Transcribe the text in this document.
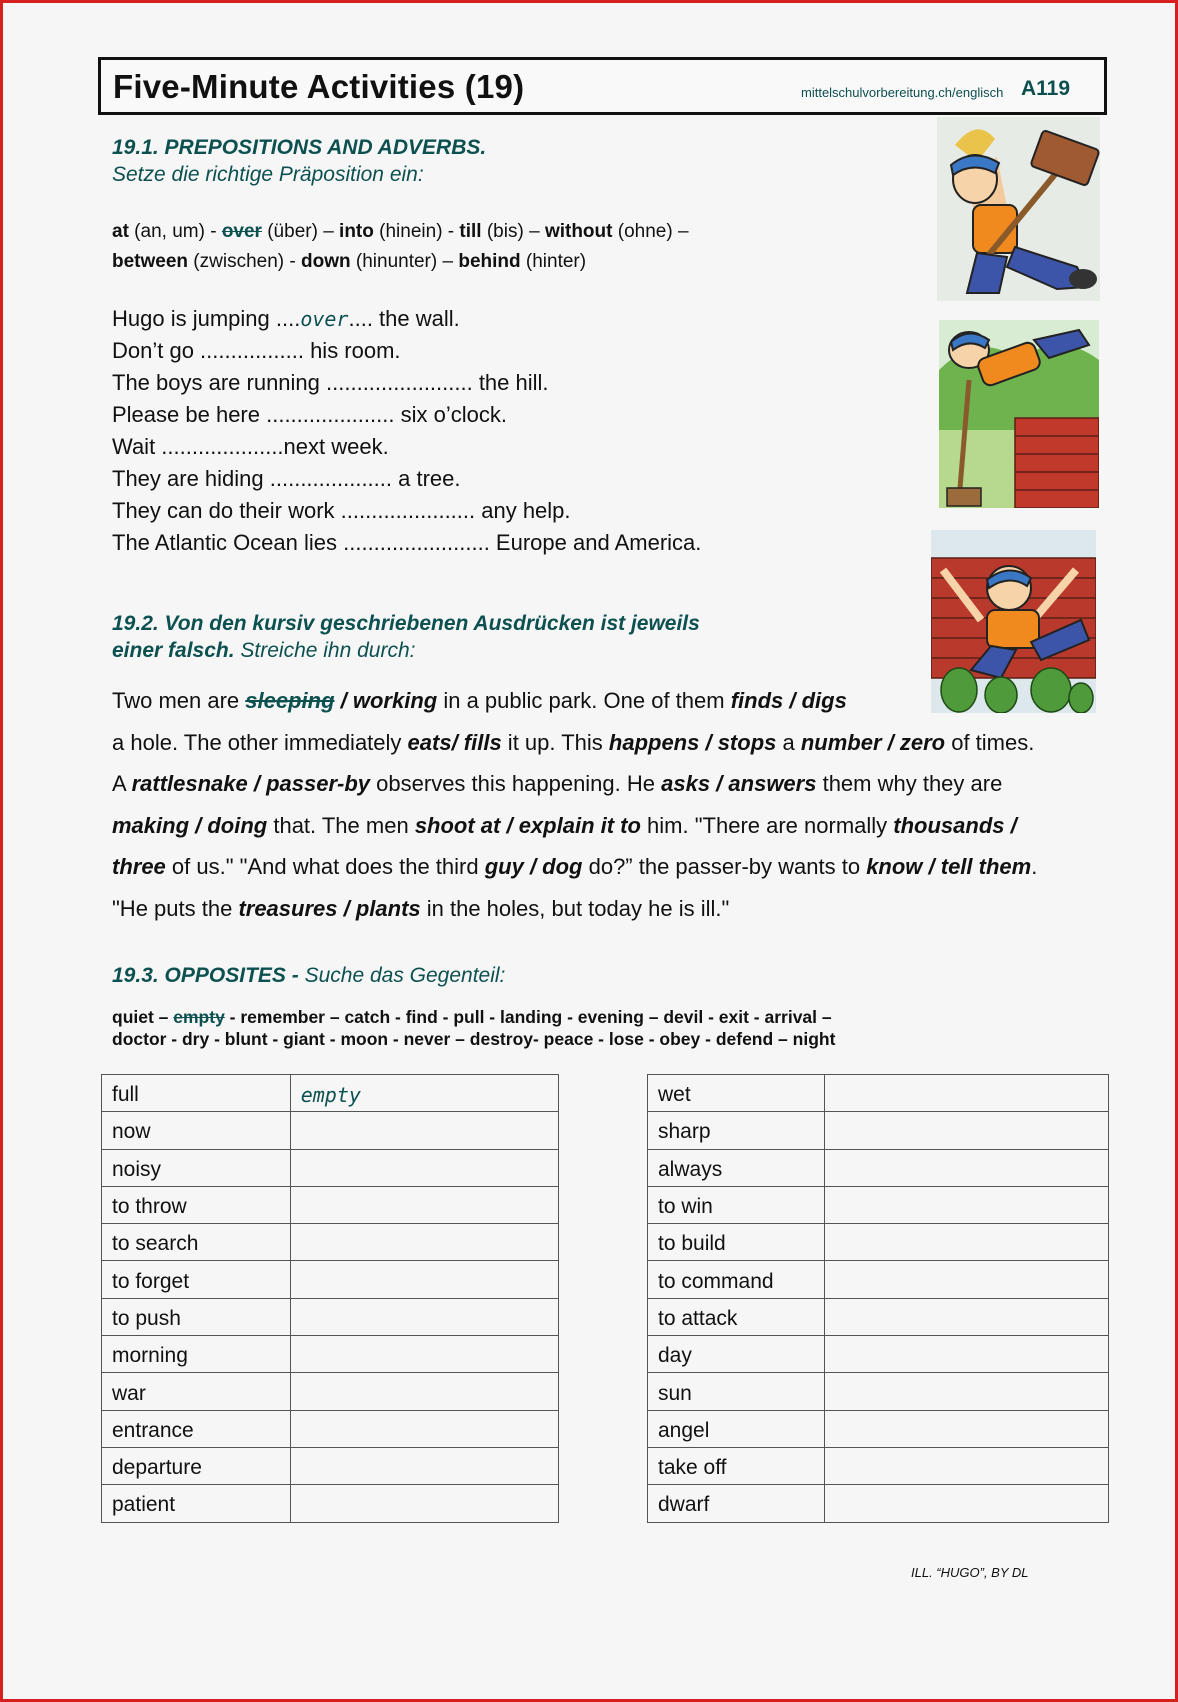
Five-Minute Activities (19)	mittelschulvorbereitung.ch/englisch A119
19.1. PREPOSITIONS AND ADVERBS.
Setze die richtige Präposition ein:
at (an, um) - over (über) – into (hinein) - till (bis) – without (ohne) –
between (zwischen) - down (hinunter) – behind (hinter)
Hugo is jumping ....over.... the wall.
Don’t go ................. his room.
The boys are running ........................ the hill.
Please be here ..................... six o’clock.
Wait ....................next week.
They are hiding .................... a tree.
They can do their work ...................... any help.
The Atlantic Ocean lies ........................ Europe and America.
19.2. Von den kursiv geschriebenen Ausdrücken ist jeweils
einer falsch. Streiche ihn durch:
Two men are sleeping / working in a public park. One of them finds / digs
a hole. The other immediately eats/ fills it up. This happens / stops a number / zero of times.
A rattlesnake / passer-by observes this happening. He asks / answers them why they are
making / doing that. The men shoot at / explain it to him. "There are normally thousands /
three of us." "And what does the third guy / dog do?” the passer-by wants to know / tell them.
"He puts the treasures / plants in the holes, but today he is ill."
19.3. OPPOSITES - Suche das Gegenteil:
quiet – empty - remember – catch - find - pull - landing - evening – devil - exit - arrival –
doctor - dry - blunt - giant - moon - never – destroy- peace - lose - obey - defend – night
full	empty
now	
noisy	
to throw	
to search	
to forget	
to push	
morning	
war	
entrance	
departure	
patient	
wet	
sharp	
always	
to win	
to build	
to command	
to attack	
day	
sun	
angel	
take off	
dwarf	
ILL. “HUGO”, BY DL
